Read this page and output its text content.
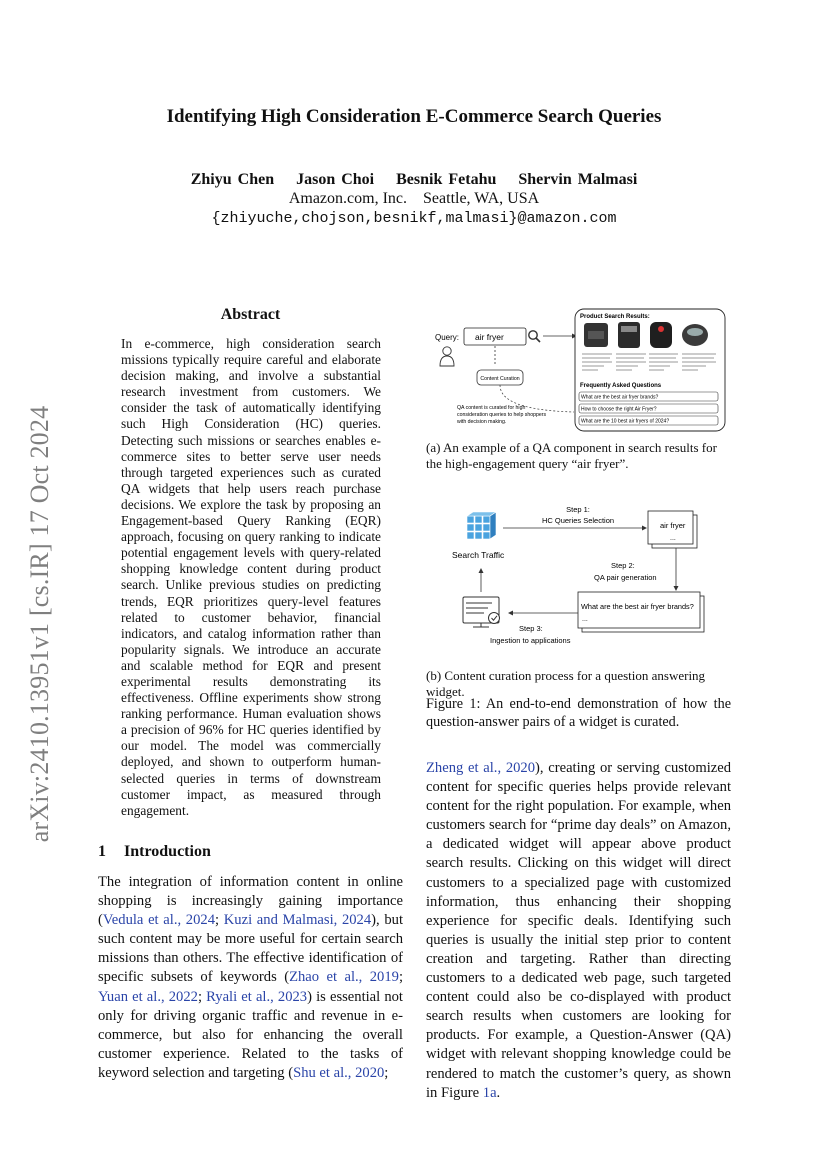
arXiv:2410.13951v1 [cs.IR] 17 Oct 2024
Identifying High Consideration E-Commerce Search Queries
Zhiyu Chen Jason Choi Besnik Fetahu Shervin Malmasi
Amazon.com, Inc. Seattle, WA, USA
{zhiyuche,chojson,besnikf,malmasi}@amazon.com
Abstract
In e-commerce, high consideration search missions typically require careful and elaborate decision making, and involve a substantial research investment from customers. We consider the task of automatically identifying such High Consideration (HC) queries. Detecting such missions or searches enables e-commerce sites to better serve user needs through targeted experiences such as curated QA widgets that help users reach purchase decisions. We explore the task by proposing an Engagement-based Query Ranking (EQR) approach, focusing on query ranking to indicate potential engagement levels with query-related shopping knowledge content during product search. Unlike previous studies on predicting trends, EQR prioritizes query-level features related to customer behavior, financial indicators, and catalog information rather than popularity signals. We introduce an accurate and scalable method for EQR and present experimental results demonstrating its effectiveness. Offline experiments show strong ranking performance. Human evaluation shows a precision of 96% for HC queries identified by our model. The model was commercially deployed, and shown to outperform human-selected queries in terms of downstream customer impact, as measured through engagement.
1 Introduction
The integration of information content in online shopping is increasingly gaining importance (Vedula et al., 2024; Kuzi and Malmasi, 2024), but such content may be more useful for certain search missions than others. The effective identification of specific subsets of keywords (Zhao et al., 2019; Yuan et al., 2022; Ryali et al., 2023) is essential not only for driving organic traffic and revenue in e-commerce, but also for enhancing the overall customer experience. Related to the tasks of keyword selection and targeting (Shu et al., 2020;
Zheng et al., 2020), creating or serving customized content for specific queries helps provide relevant content for the right population. For example, when customers search for “prime day deals” on Amazon, a dedicated widget will appear above product search results. Clicking on this widget will direct customers to a specialized page with customized information, thus enhancing their shopping experience for specific deals. Identifying such queries is usually the initial step prior to content creation and targeting. Rather than directing customers to a dedicated web page, such targeted content could also be co-displayed with product search results when customers are looking for products. For example, a Question-Answer (QA) widget with relevant shopping knowledge could be rendered to match the customer’s query, as shown in Figure 1a.
Query: air fryer
Content Curation
QA content is curated for high
consideration queries to help shoppers
with decision making.
Product Search Results:
Frequently Asked Questions
What are the best air fryer brands?
How to choose the right Air Fryer?
What are the 10 best air fryers of 2024?
(a) An example of a QA component in search results for the high-engagement query “air fryer”.
Search Traffic
Step 1:
HC Queries Selection
air fryer
...
Step 2:
QA pair generation
What are the best air fryer brands?
...
Step 3:
Ingestion to applications
(b) Content curation process for a question answering widget.
Figure 1: An end-to-end demonstration of how the question-answer pairs of a widget is curated.
